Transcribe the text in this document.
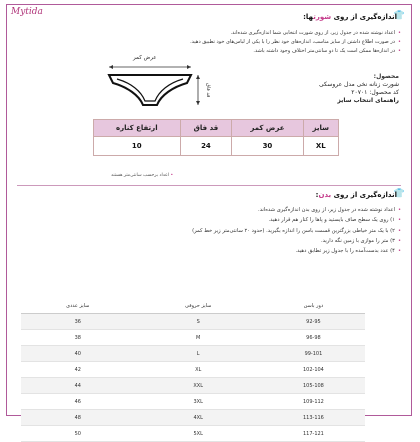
Mytida	👕
اندازه‌گیری از روی شورتها:
• اعداد نوشته شده در جدول زیر، از روی شورت انتخابی شما اندازه‌گیری شده‌اند.
• در صورت اطلاع داشتن از سایز مناسب، اندازه‌های خود نظر را با یکی از لباس‌های خود تطبیق دهید.
• در اندازه‌ها ممکن است یک تا دو سانتی‌متر اختلاف وجود داشته باشد.
عرض کمر
قد فاق
محصول:
شورت زنانه نخی مدل عروسکی
کد محصول: ۲۰۷۰۱
راهنمای انتخاب سایز
سایز	عرض کمر	قد فاق	ارتفاع کناره
XL	30	24	10
• اعداد برحسب سانتی‌متر هستند
👕
اندازه‌گیری از روی بدن:
• اعداد نوشته شده در جدول زیر، از روی بدن اندازه‌گیری شده‌اند.
• ۱) روی یک سطح صاف بایستید و پاها را کنار هم قرار دهید.
• ۲) با یک متر خیاطی بزرگترین قسمت باسن را اندازه بگیرید. (حدود ۲۰ سانتی‌متر زیر خط کمر)
• ۳) متر را موازی با زمین نگه دارید.
• ۴) عدد بدست‌آمده را با جدول زیر تطابق دهید.
دور باسن	سایز حروفی	سایز عددی
92-95	S	36
96-98	M	38
99-101	L	40
102-104	XL	42
105-108	XXL	44
109-112	3XL	46
113-116	4XL	48
117-121	5XL	50
